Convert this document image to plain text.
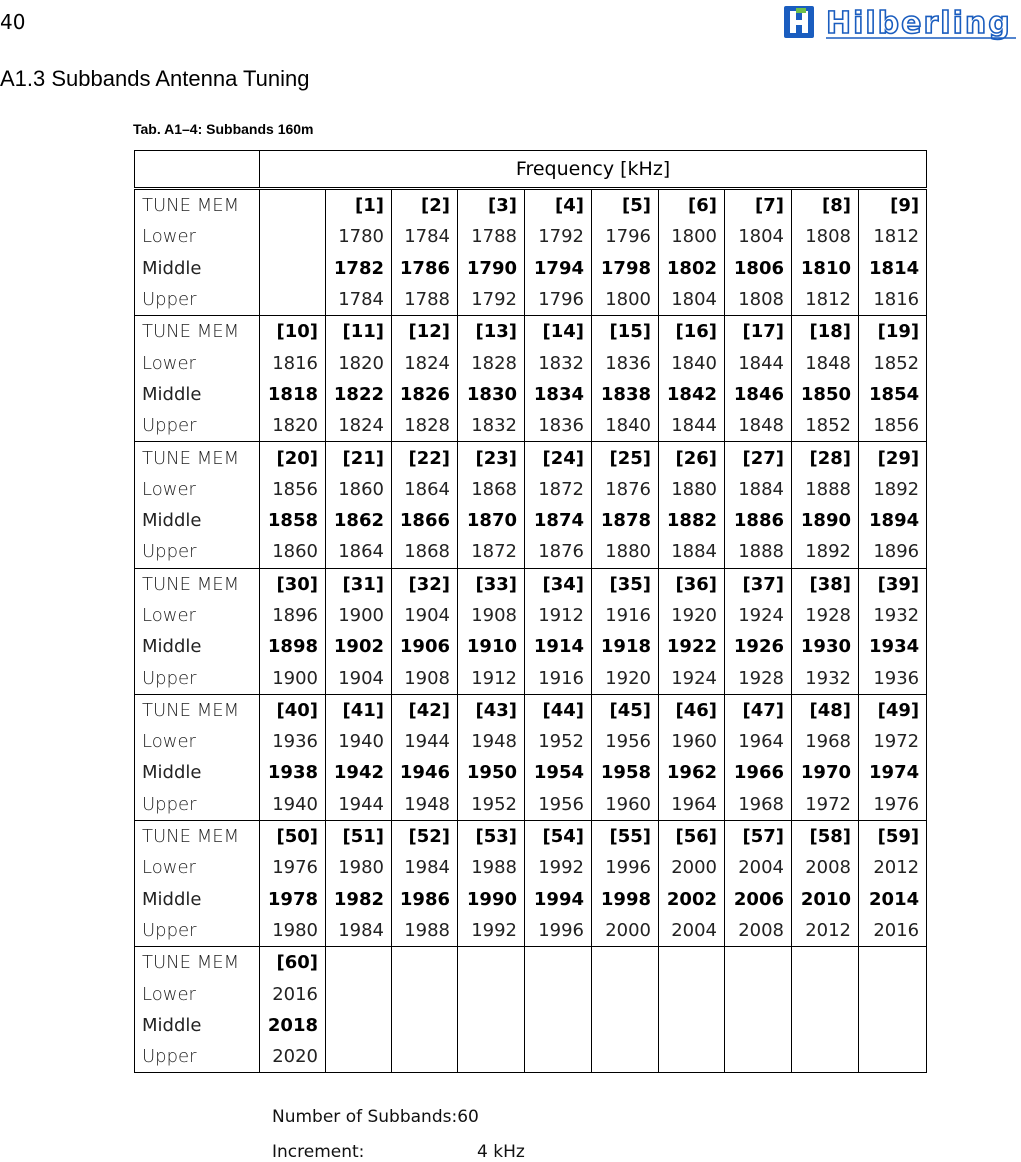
40	Hilberling
A1.3 Subbands Antenna Tuning
Tab. A1–4: Subbands 160m
	Frequency [kHz]									
TUNE MEM		[1]	[2]	[3]	[4]	[5]	[6]	[7]	[8]	[9]
Lower		1780	1784	1788	1792	1796	1800	1804	1808	1812
Middle		1782	1786	1790	1794	1798	1802	1806	1810	1814
Upper		1784	1788	1792	1796	1800	1804	1808	1812	1816
TUNE MEM	[10]	[11]	[12]	[13]	[14]	[15]	[16]	[17]	[18]	[19]
Lower	1816	1820	1824	1828	1832	1836	1840	1844	1848	1852
Middle	1818	1822	1826	1830	1834	1838	1842	1846	1850	1854
Upper	1820	1824	1828	1832	1836	1840	1844	1848	1852	1856
TUNE MEM	[20]	[21]	[22]	[23]	[24]	[25]	[26]	[27]	[28]	[29]
Lower	1856	1860	1864	1868	1872	1876	1880	1884	1888	1892
Middle	1858	1862	1866	1870	1874	1878	1882	1886	1890	1894
Upper	1860	1864	1868	1872	1876	1880	1884	1888	1892	1896
TUNE MEM	[30]	[31]	[32]	[33]	[34]	[35]	[36]	[37]	[38]	[39]
Lower	1896	1900	1904	1908	1912	1916	1920	1924	1928	1932
Middle	1898	1902	1906	1910	1914	1918	1922	1926	1930	1934
Upper	1900	1904	1908	1912	1916	1920	1924	1928	1932	1936
TUNE MEM	[40]	[41]	[42]	[43]	[44]	[45]	[46]	[47]	[48]	[49]
Lower	1936	1940	1944	1948	1952	1956	1960	1964	1968	1972
Middle	1938	1942	1946	1950	1954	1958	1962	1966	1970	1974
Upper	1940	1944	1948	1952	1956	1960	1964	1968	1972	1976
TUNE MEM	[50]	[51]	[52]	[53]	[54]	[55]	[56]	[57]	[58]	[59]
Lower	1976	1980	1984	1988	1992	1996	2000	2004	2008	2012
Middle	1978	1982	1986	1990	1994	1998	2002	2006	2010	2014
Upper	1980	1984	1988	1992	1996	2000	2004	2008	2012	2016
TUNE MEM	[60]									
Lower	2016									
Middle	2018									
Upper	2020									
Number of Subbands:60
Increment:	4 kHz
